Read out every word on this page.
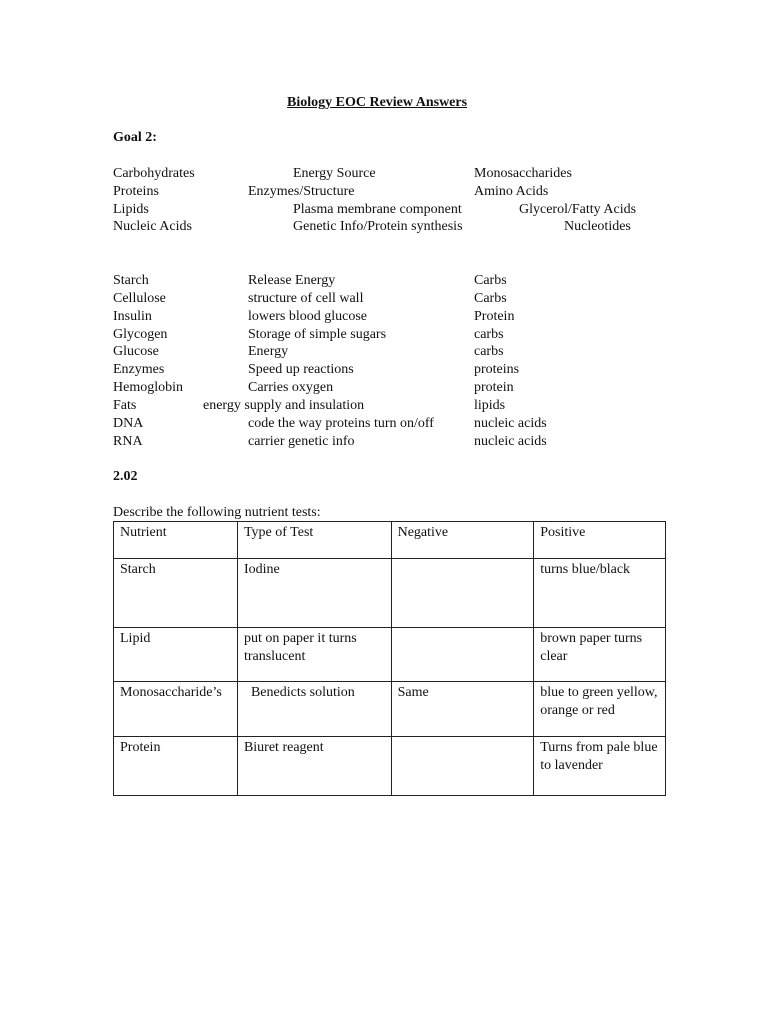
Biology EOC Review Answers
Goal 2:
Carbohydrates	Energy Source	Monosaccharides
Proteins	Enzymes/Structure	Amino Acids
Lipids	Plasma membrane component	Glycerol/Fatty Acids
Nucleic Acids	Genetic Info/Protein synthesis	Nucleotides
Starch	Release Energy	Carbs
Cellulose	structure of cell wall	Carbs
Insulin	lowers blood glucose	Protein
Glycogen	Storage of simple sugars	carbs
Glucose	Energy	carbs
Enzymes	Speed up reactions	proteins
Hemoglobin	Carries oxygen	protein
Fats	energy supply and insulation	lipids
DNA	code the way proteins turn on/off	nucleic acids
RNA	carrier genetic info	nucleic acids
2.02
Describe the following nutrient tests:
Nutrient	Type of Test	Negative	Positive
Starch	Iodine		turns blue/black
Lipid	put on paper it turns translucent		brown paper turns clear
Monosaccharide’s	Benedicts solution	Same	blue to green yellow, orange or red
Protein	Biuret reagent		Turns from pale blue to lavender
